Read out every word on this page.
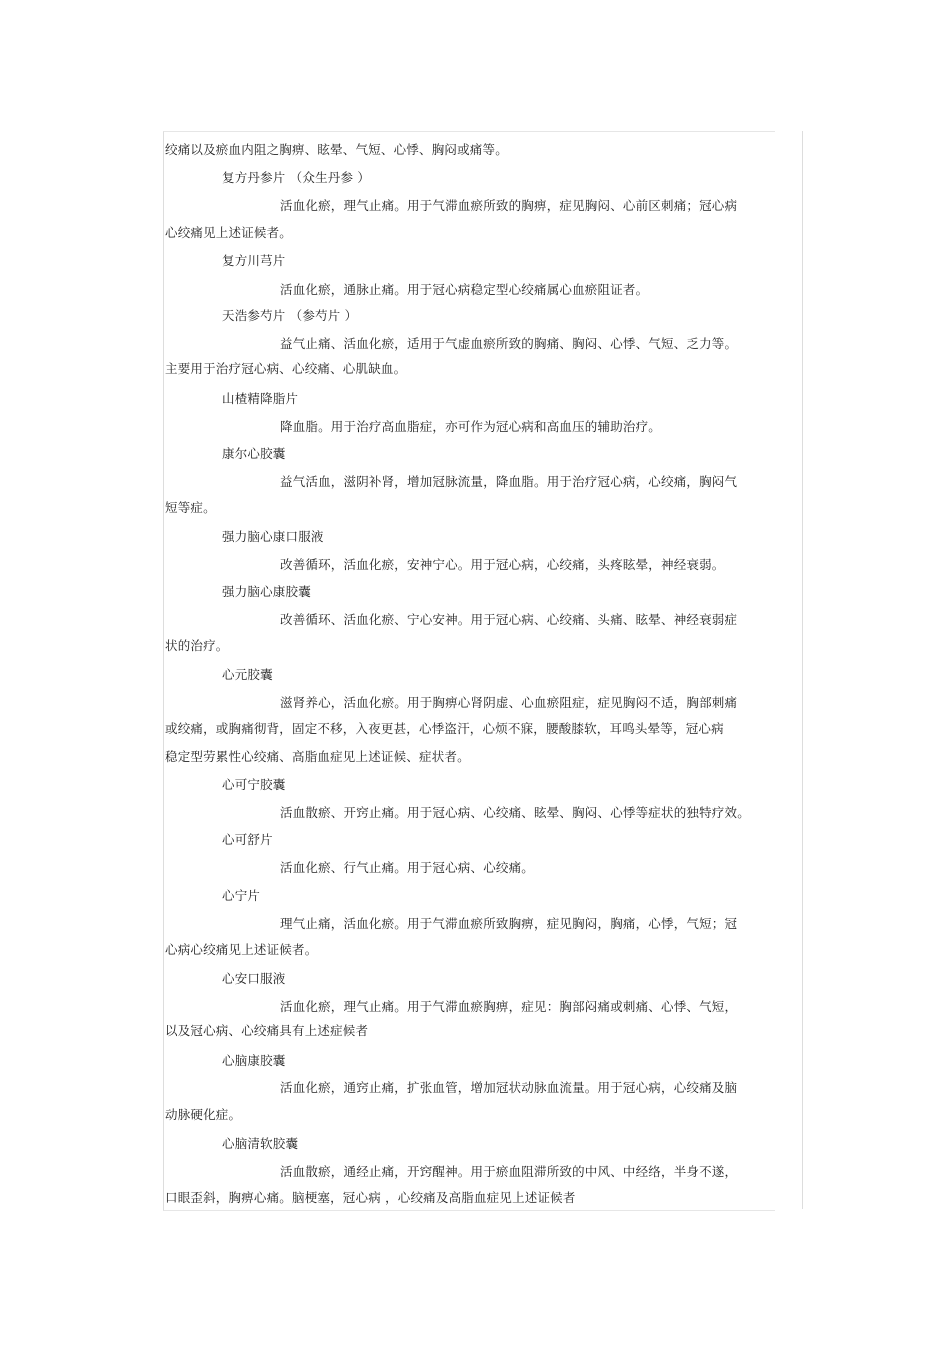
绞痛以及瘀血内阻之胸痹、眩晕、气短、心悸、胸闷或痛等。
复方丹参片 （众生丹参 ）
活血化瘀，理气止痛。用于气滞血瘀所致的胸痹，症见胸闷、心前区刺痛；冠心病
心绞痛见上述证候者。
复方川芎片
活血化瘀，通脉止痛。用于冠心病稳定型心绞痛属心血瘀阻证者。
天浩参芍片 （参芍片 ）
益气止痛、活血化瘀，适用于气虚血瘀所致的胸痛、胸闷、心悸、气短、乏力等。
主要用于治疗冠心病、心绞痛、心肌缺血。
山楂精降脂片
降血脂。用于治疗高血脂症，亦可作为冠心病和高血压的辅助治疗。
康尔心胶囊
益气活血，滋阴补肾，增加冠脉流量，降血脂。用于治疗冠心病，心绞痛，胸闷气
短等症。
强力脑心康口服液
改善循环，活血化瘀，安神宁心。用于冠心病，心绞痛，头疼眩晕，神经衰弱。
强力脑心康胶囊
改善循环、活血化瘀、宁心安神。用于冠心病、心绞痛、头痛、眩晕、神经衰弱症
状的治疗。
心元胶囊
滋肾养心，活血化瘀。用于胸痹心肾阴虚、心血瘀阻症，症见胸闷不适，胸部刺痛
或绞痛，或胸痛彻背，固定不移，入夜更甚，心悸盗汗，心烦不寐，腰酸膝软，耳鸣头晕等，冠心病
稳定型劳累性心绞痛、高脂血症见上述证候、症状者。
心可宁胶囊
活血散瘀、开窍止痛。用于冠心病、心绞痛、眩晕、胸闷、心悸等症状的独特疗效。
心可舒片
活血化瘀、行气止痛。用于冠心病、心绞痛。
心宁片
理气止痛，活血化瘀。用于气滞血瘀所致胸痹，症见胸闷，胸痛，心悸，气短；冠
心病心绞痛见上述证候者。
心安口服液
活血化瘀，理气止痛。用于气滞血瘀胸痹，症见：胸部闷痛或刺痛、心悸、气短，
以及冠心病、心绞痛具有上述症候者
心脑康胶囊
活血化瘀，通窍止痛，扩张血管，增加冠状动脉血流量。用于冠心病，心绞痛及脑
动脉硬化症。
心脑清软胶囊
活血散瘀，通经止痛，开窍醒神。用于瘀血阻滞所致的中风、中经络，半身不遂，
口眼歪斜，胸痹心痛。脑梗塞，冠心病 ，心绞痛及高脂血症见上述证候者
